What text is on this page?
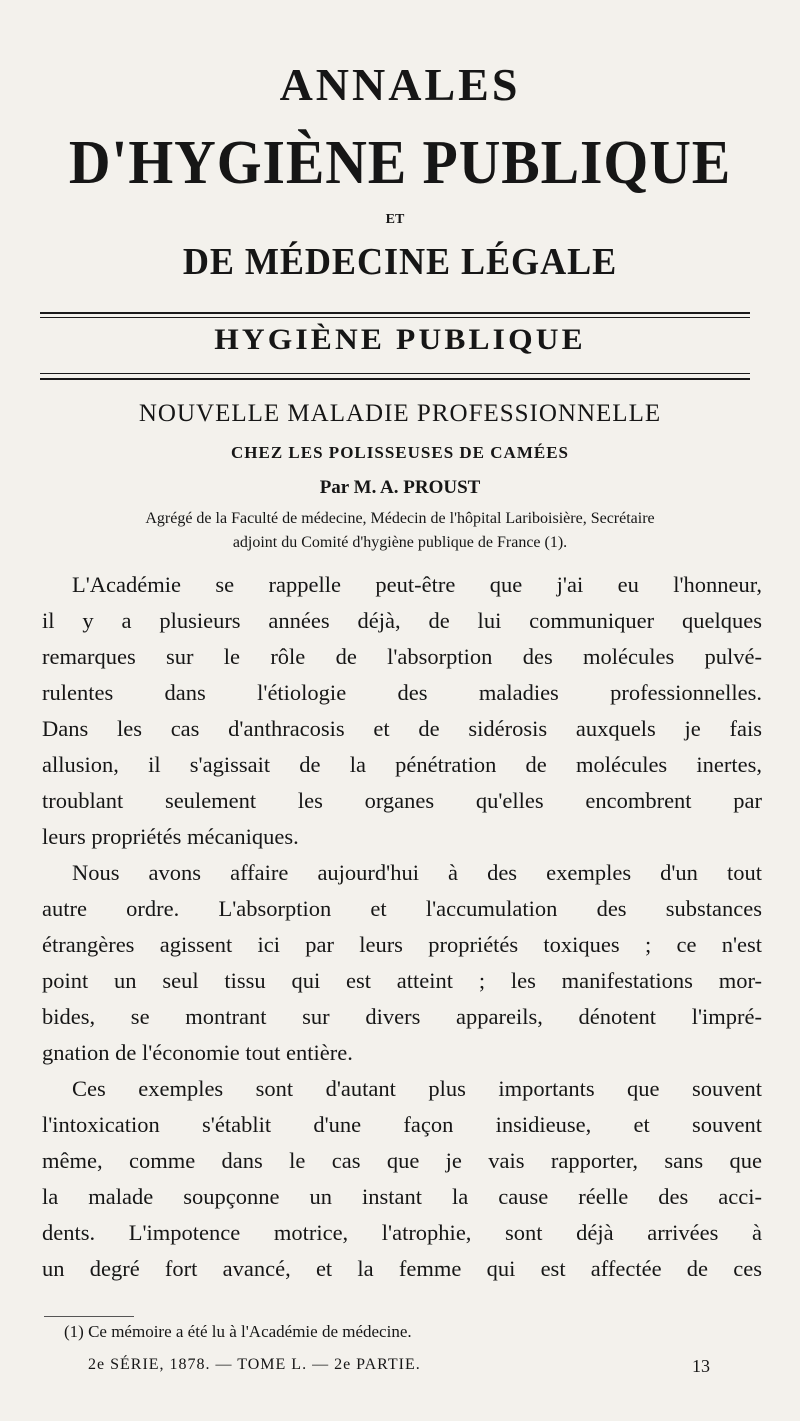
ANNALES
D'HYGIÈNE PUBLIQUE
ET
DE MÉDECINE LÉGALE
HYGIÈNE PUBLIQUE
NOUVELLE MALADIE PROFESSIONNELLE
CHEZ LES POLISSEUSES DE CAMÉES
Par M. A. PROUST
Agrégé de la Faculté de médecine, Médecin de l'hôpital Lariboisière, Secrétaire
adjoint du Comité d'hygiène publique de France (1).
L'Académie se rappelle peut-être que j'ai eu l'honneur,
il y a plusieurs années déjà, de lui communiquer quelques
remarques sur le rôle de l'absorption des molécules pulvé-
rulentes dans l'étiologie des maladies professionnelles.
Dans les cas d'anthracosis et de sidérosis auxquels je fais
allusion, il s'agissait de la pénétration de molécules inertes,
troublant seulement les organes qu'elles encombrent par
leurs propriétés mécaniques.
Nous avons affaire aujourd'hui à des exemples d'un tout
autre ordre. L'absorption et l'accumulation des substances
étrangères agissent ici par leurs propriétés toxiques ; ce n'est
point un seul tissu qui est atteint ; les manifestations mor-
bides, se montrant sur divers appareils, dénotent l'impré-
gnation de l'économie tout entière.
Ces exemples sont d'autant plus importants que souvent
l'intoxication s'établit d'une façon insidieuse, et souvent
même, comme dans le cas que je vais rapporter, sans que
la malade soupçonne un instant la cause réelle des acci-
dents. L'impotence motrice, l'atrophie, sont déjà arrivées à
un degré fort avancé, et la femme qui est affectée de ces
(1) Ce mémoire a été lu à l'Académie de médecine.
2e SÉRIE, 1878. — TOME L. — 2e PARTIE.	13
